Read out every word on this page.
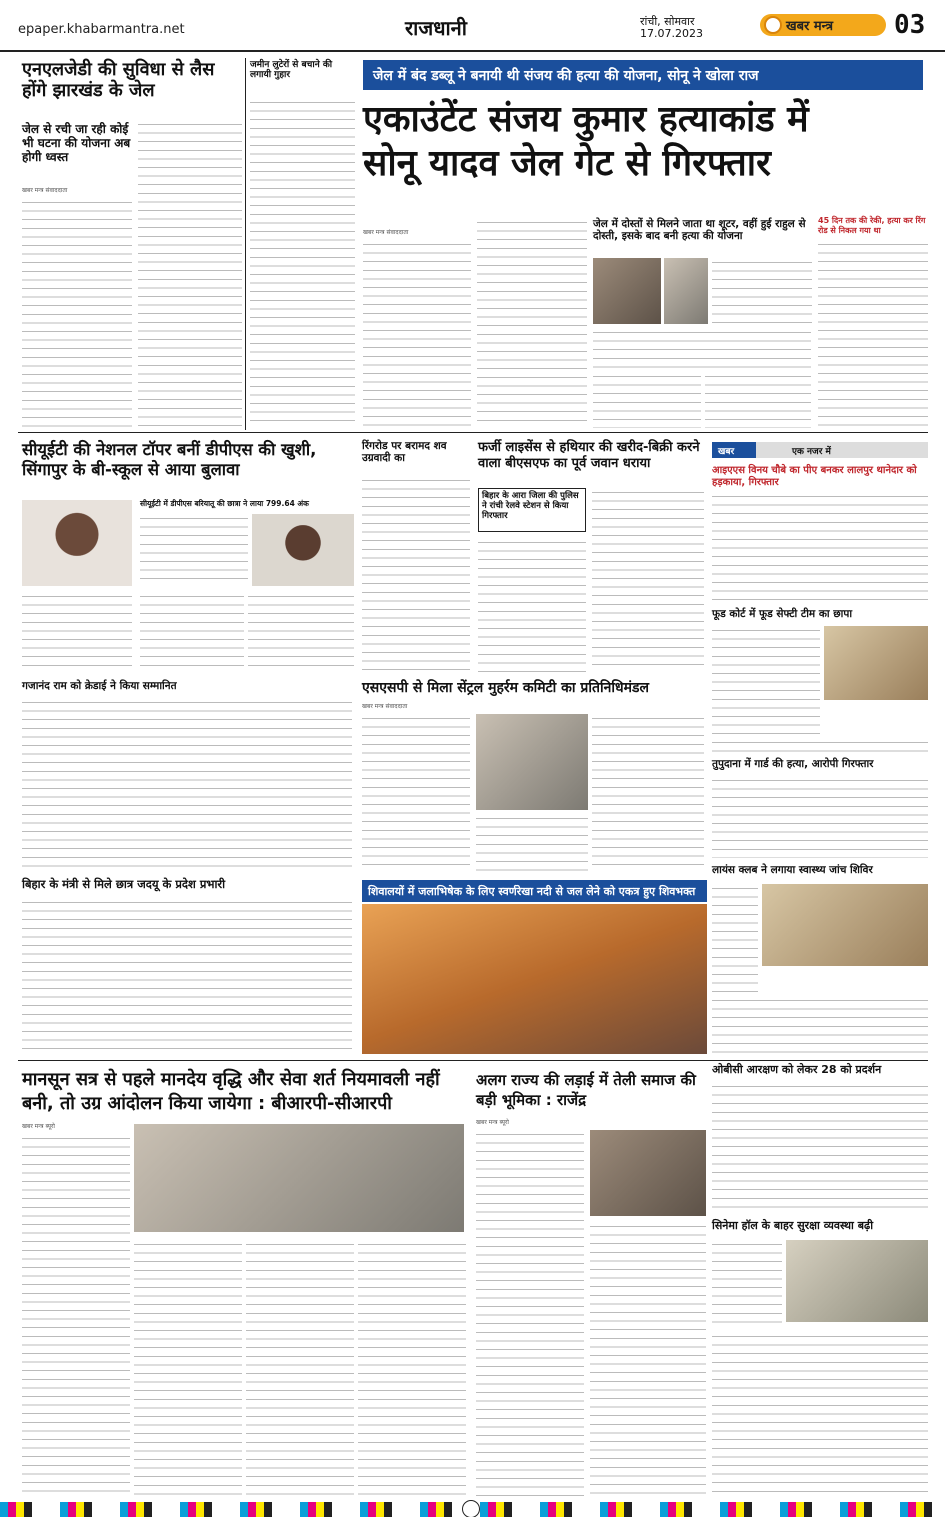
epaper.khabarmantra.net	राजधानी	रांची, सोमवार
17.07.2023	खबर मन्त्र	03
एनएलजेडी की सुविधा से लैस होंगे झारखंड के जेल
जेल से रची जा रही कोई भी घटना की योजना अब होगी ध्वस्त
खबर मन्त्र संवाददाता
जमीन लुटेरों से बचाने की लगायी गुहार	जेल में बंद डब्लू ने बनायी थी संजय की हत्या की योजना, सोनू ने खोला राज
एकाउंटेंट संजय कुमार हत्याकांड में
सोनू यादव जेल गेट से गिरफ्तार
खबर मन्त्र संवाददाता
जेल में दोस्तों से मिलने जाता था शूटर, वहीं हुई राहुल से दोस्ती, इसके बाद बनी हत्या की योजना
45 दिन तक की रेकी, हत्या कर रिंग रोड से निकल गया था
सीयूईटी की नेशनल टॉपर बनीं डीपीएस की खुशी, सिंगापुर के बी-स्कूल से आया बुलावा
सीयूईटी में डीपीएस बरियातू की छात्रा ने लाया 799.64 अंक
रिंगरोड पर बरामद शव उग्रवादी का
फर्जी लाइसेंस से हथियार की खरीद-बिक्री करने वाला बीएसएफ का पूर्व जवान धराया
बिहार के आरा जिला की पुलिस ने रांची रेलवे स्टेशन से किया गिरफ्तार
खबर	एक नजर में
आइएएस विनय चौबे का पीए बनकर लालपुर थानेदार को हड़काया, गिरफ्तार
फूड कोर्ट में फूड सेफ्टी टीम का छापा
गजानंद राम को क्रेडाई ने किया सम्मानित	एसएसपी से मिला सेंट्रल मुहर्रम कमिटी का प्रतिनिधिमंडल
खबर मन्त्र संवाददाता
तुपुदाना में गार्ड की हत्या, आरोपी गिरफ्तार
बिहार के मंत्री से मिले छात्र जदयू के प्रदेश प्रभारी
शिवालयों में जलाभिषेक के लिए स्वर्णरेखा नदी से जल लेने को एकत्र हुए शिवभक्त
लायंस क्लब ने लगाया स्वास्थ्य जांच शिविर
मानसून सत्र से पहले मानदेय वृद्धि और सेवा शर्त नियमावली नहीं बनी, तो उग्र आंदोलन किया जायेगा : बीआरपी-सीआरपी
खबर मन्त्र ब्यूरो
अलग राज्य की लड़ाई में तेली समाज की बड़ी भूमिका : राजेंद्र
खबर मन्त्र ब्यूरो
ओबीसी आरक्षण को लेकर 28 को प्रदर्शन
सिनेमा हॉल के बाहर सुरक्षा व्यवस्था बढ़ी
